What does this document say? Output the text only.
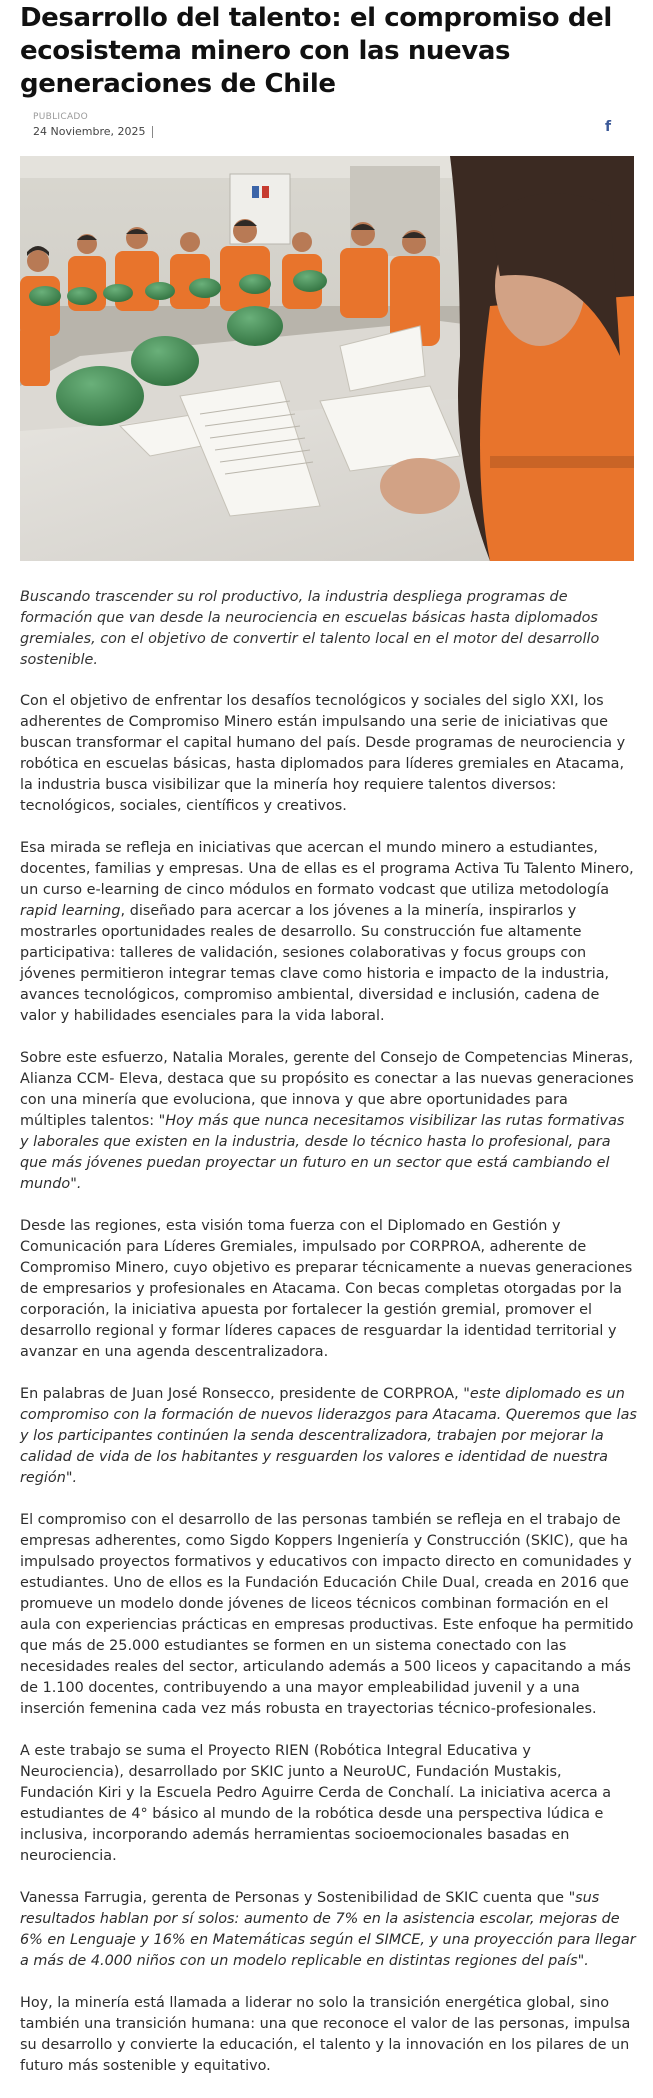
Desarrollo del talento: el compromiso del ecosistema minero con las nuevas generaciones de Chile
PUBLICADO
24 Noviembre, 2025	f

Buscando trascender su rol productivo, la industria despliega programas de formación que van desde la neurociencia en escuelas básicas hasta diplomados gremiales, con el objetivo de convertir el talento local en el motor del desarrollo sostenible.

Con el objetivo de enfrentar los desafíos tecnológicos y sociales del siglo XXI, los adherentes de Compromiso Minero están impulsando una serie de iniciativas que buscan transformar el capital humano del país. Desde programas de neurociencia y robótica en escuelas básicas, hasta diplomados para líderes gremiales en Atacama, la industria busca visibilizar que la minería hoy requiere talentos diversos: tecnológicos, sociales, científicos y creativos.

Esa mirada se refleja en iniciativas que acercan el mundo minero a estudiantes, docentes, familias y empresas. Una de ellas es el programa Activa Tu Talento Minero, un curso e-learning de cinco módulos en formato vodcast que utiliza metodología rapid learning, diseñado para acercar a los jóvenes a la minería, inspirarlos y mostrarles oportunidades reales de desarrollo. Su construcción fue altamente participativa: talleres de validación, sesiones colaborativas y focus groups con jóvenes permitieron integrar temas clave como historia e impacto de la industria, avances tecnológicos, compromiso ambiental, diversidad e inclusión, cadena de valor y habilidades esenciales para la vida laboral.

Sobre este esfuerzo, Natalia Morales, gerente del Consejo de Competencias Mineras, Alianza CCM- Eleva, destaca que su propósito es conectar a las nuevas generaciones con una minería que evoluciona, que innova y que abre oportunidades para múltiples talentos: "Hoy más que nunca necesitamos visibilizar las rutas formativas y laborales que existen en la industria, desde lo técnico hasta lo profesional, para que más jóvenes puedan proyectar un futuro en un sector que está cambiando el mundo".

Desde las regiones, esta visión toma fuerza con el Diplomado en Gestión y Comunicación para Líderes Gremiales, impulsado por CORPROA, adherente de Compromiso Minero, cuyo objetivo es preparar técnicamente a nuevas generaciones de empresarios y profesionales en Atacama. Con becas completas otorgadas por la corporación, la iniciativa apuesta por fortalecer la gestión gremial, promover el desarrollo regional y formar líderes capaces de resguardar la identidad territorial y avanzar en una agenda descentralizadora.

En palabras de Juan José Ronsecco, presidente de CORPROA, "este diplomado es un compromiso con la formación de nuevos liderazgos para Atacama. Queremos que las y los participantes continúen la senda descentralizadora, trabajen por mejorar la calidad de vida de los habitantes y resguarden los valores e identidad de nuestra región".

El compromiso con el desarrollo de las personas también se refleja en el trabajo de empresas adherentes, como Sigdo Koppers Ingeniería y Construcción (SKIC), que ha impulsado proyectos formativos y educativos con impacto directo en comunidades y estudiantes. Uno de ellos es la Fundación Educación Chile Dual, creada en 2016 que promueve un modelo donde jóvenes de liceos técnicos combinan formación en el aula con experiencias prácticas en empresas productivas. Este enfoque ha permitido que más de 25.000 estudiantes se formen en un sistema conectado con las necesidades reales del sector, articulando además a 500 liceos y capacitando a más de 1.100 docentes, contribuyendo a una mayor empleabilidad juvenil y a una inserción femenina cada vez más robusta en trayectorias técnico-profesionales.

A este trabajo se suma el Proyecto RIEN (Robótica Integral Educativa y Neurociencia), desarrollado por SKIC junto a NeuroUC, Fundación Mustakis, Fundación Kiri y la Escuela Pedro Aguirre Cerda de Conchalí. La iniciativa acerca a estudiantes de 4° básico al mundo de la robótica desde una perspectiva lúdica e inclusiva, incorporando además herramientas socioemocionales basadas en neurociencia.

Vanessa Farrugia, gerenta de Personas y Sostenibilidad de SKIC cuenta que "sus resultados hablan por sí solos: aumento de 7% en la asistencia escolar, mejoras de 6% en Lenguaje y 16% en Matemáticas según el SIMCE, y una proyección para llegar a más de 4.000 niños con un modelo replicable en distintas regiones del país".

Hoy, la minería está llamada a liderar no solo la transición energética global, sino también una transición humana: una que reconoce el valor de las personas, impulsa su desarrollo y convierte la educación, el talento y la innovación en los pilares de un futuro más sostenible y equitativo.
